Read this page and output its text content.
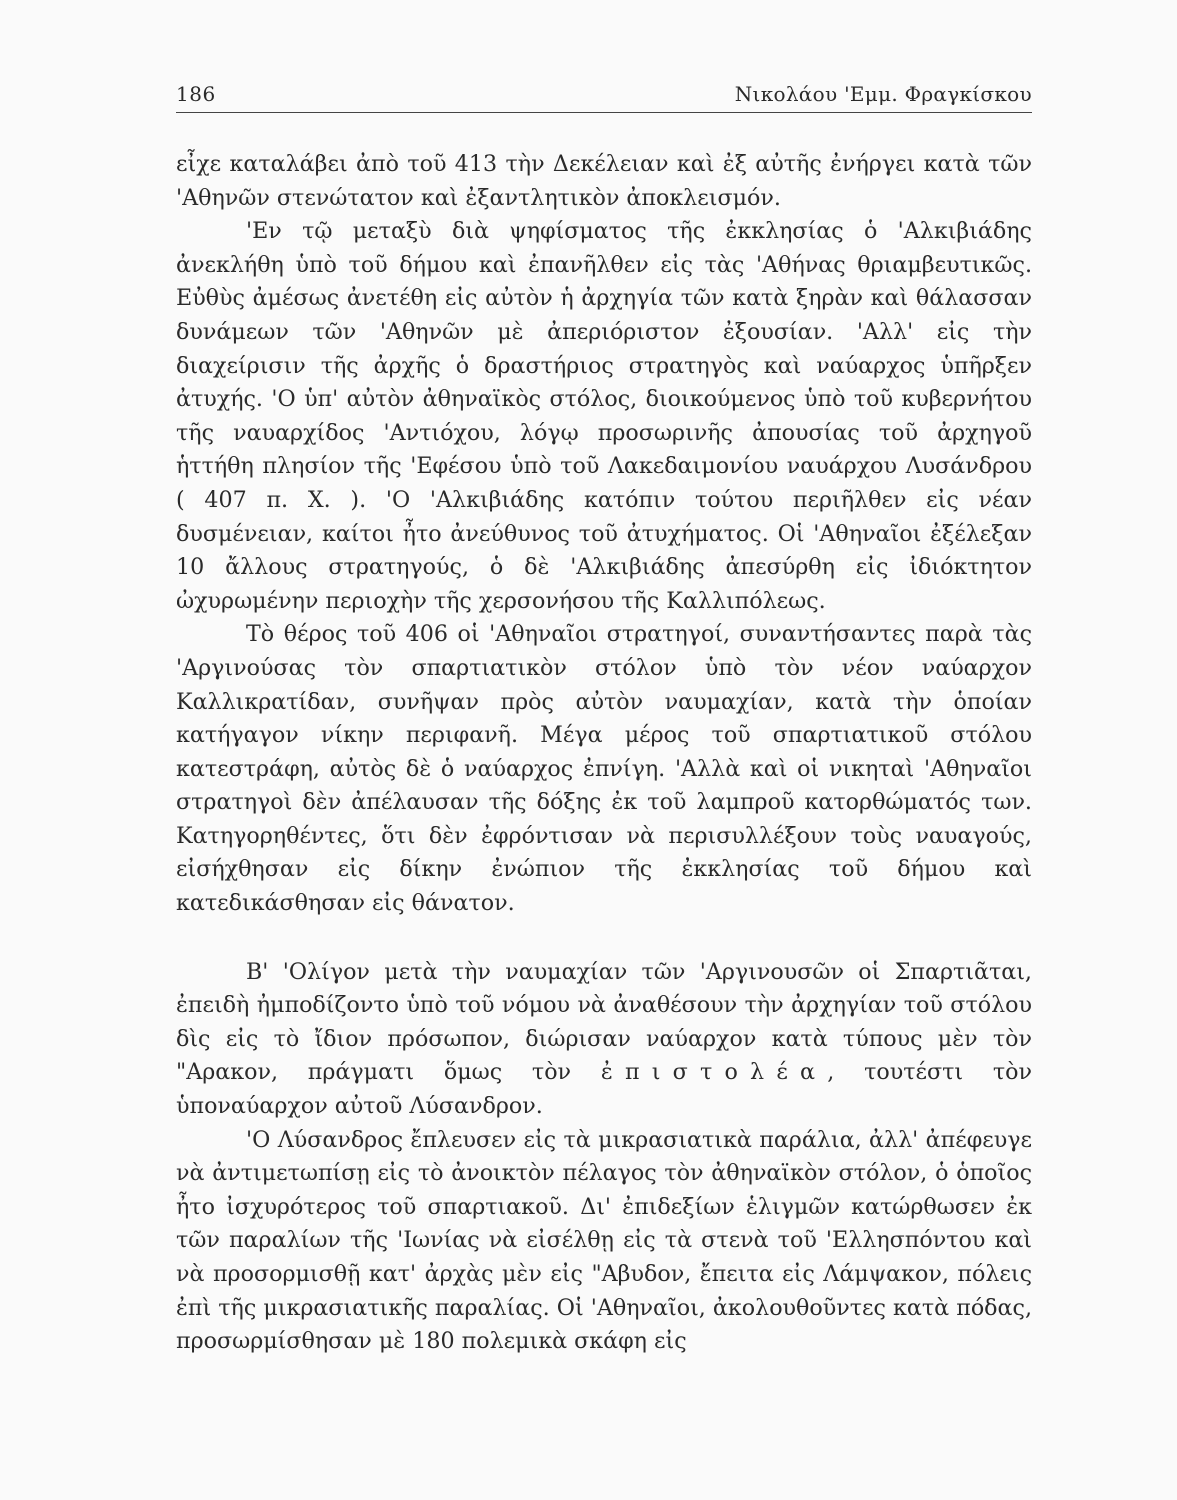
186	Νικολάου 'Εμμ. Φραγκίσκου

εἶχε καταλάβει ἀπὸ τοῦ 413 τὴν Δεκέλειαν καὶ ἐξ αὐτῆς ἐνήργει κατὰ τῶν 'Αθηνῶν στενώτατον καὶ ἐξαντλητικὸν ἀποκλεισμόν.

'Εν τῷ μεταξὺ διὰ ψηφίσματος τῆς ἐκκλησίας ὁ 'Αλκιβιάδης ἀνεκλήθη ὑπὸ τοῦ δήμου καὶ ἐπανῆλθεν εἰς τὰς 'Αθήνας θριαμβευτικῶς. Εὐθὺς ἀμέσως ἀνετέθη εἰς αὐτὸν ἡ ἀρχηγία τῶν κατὰ ξηρὰν καὶ θάλασσαν δυνάμεων τῶν 'Αθηνῶν μὲ ἀπεριόριστον ἐξουσίαν. 'Αλλ' εἰς τὴν διαχείρισιν τῆς ἀρχῆς ὁ δραστήριος στρατηγὸς καὶ ναύαρχος ὑπῆρξεν ἀτυχής. 'Ο ὑπ' αὐτὸν ἀθηναϊκὸς στόλος, διοικούμενος ὑπὸ τοῦ κυβερνήτου τῆς ναυαρχίδος 'Αντιόχου, λόγῳ προσωρινῆς ἀπουσίας τοῦ ἀρχηγοῦ ἡττήθη πλησίον τῆς 'Εφέσου ὑπὸ τοῦ Λακεδαιμονίου ναυάρχου Λυσάνδρου ( 407 π. Χ. ). 'Ο 'Αλκιβιάδης κατόπιν τούτου περιῆλθεν εἰς νέαν δυσμένειαν, καίτοι ἦτο ἀνεύθυνος τοῦ ἀτυχήματος. Οἱ 'Αθηναῖοι ἐξέλεξαν 10 ἄλλους στρατηγούς, ὁ δὲ 'Αλκιβιάδης ἀπεσύρθη εἰς ἰδιόκτητον ὠχυρωμένην περιοχὴν τῆς χερσονήσου τῆς Καλλιπόλεως.

Τὸ θέρος τοῦ 406 οἱ 'Αθηναῖοι στρατηγοί, συναντήσαντες παρὰ τὰς 'Αργινούσας τὸν σπαρτιατικὸν στόλον ὑπὸ τὸν νέον ναύαρχον Καλλικρατίδαν, συνῆψαν πρὸς αὐτὸν ναυμαχίαν, κατὰ τὴν ὁποίαν κατήγαγον νίκην περιφανῆ. Μέγα μέρος τοῦ σπαρτιατικοῦ στόλου κατεστράφη, αὐτὸς δὲ ὁ ναύαρχος ἐπνίγη. 'Αλλὰ καὶ οἱ νικηταὶ 'Αθηναῖοι στρατηγοὶ δὲν ἀπέλαυσαν τῆς δόξης ἐκ τοῦ λαμπροῦ κατορθώματός των. Κατηγορηθέντες, ὅτι δὲν ἐφρόντισαν νὰ περισυλλέξουν τοὺς ναυαγούς, εἰσήχθησαν εἰς δίκην ἐνώπιον τῆς ἐκκλησίας τοῦ δήμου καὶ κατεδικάσθησαν εἰς θάνατον.

Β' 'Ολίγον μετὰ τὴν ναυμαχίαν τῶν 'Αργινουσῶν οἱ Σπαρτιᾶται, ἐπειδὴ ἠμποδίζοντο ὑπὸ τοῦ νόμου νὰ ἀναθέσουν τὴν ἀρχηγίαν τοῦ στόλου δὶς εἰς τὸ ἴδιον πρόσωπον, διώρισαν ναύαρχον κατὰ τύπους μὲν τὸν "Αρακον, πράγματι ὅμως τὸν ἐπιστολέα, τουτέστι τὸν ὑποναύαρχον αὐτοῦ Λύσανδρον.

'Ο Λύσανδρος ἔπλευσεν εἰς τὰ μικρασιατικὰ παράλια, ἀλλ' ἀπέφευγε νὰ ἀντιμετωπίσῃ εἰς τὸ ἀνοικτὸν πέλαγος τὸν ἀθηναϊκὸν στόλον, ὁ ὁποῖος ἦτο ἰσχυρότερος τοῦ σπαρτιακοῦ. Δι' ἐπιδεξίων ἑλιγμῶν κατώρθωσεν ἐκ τῶν παραλίων τῆς 'Ιωνίας νὰ εἰσέλθῃ εἰς τὰ στενὰ τοῦ 'Ελλησπόντου καὶ νὰ προσορμισθῇ κατ' ἀρχὰς μὲν εἰς "Αβυδον, ἔπειτα εἰς Λάμψακον, πόλεις ἐπὶ τῆς μικρασιατικῆς παραλίας. Οἱ 'Αθηναῖοι, ἀκολουθοῦντες κατὰ πόδας, προσωρμίσθησαν μὲ 180 πολεμικὰ σκάφη εἰς
